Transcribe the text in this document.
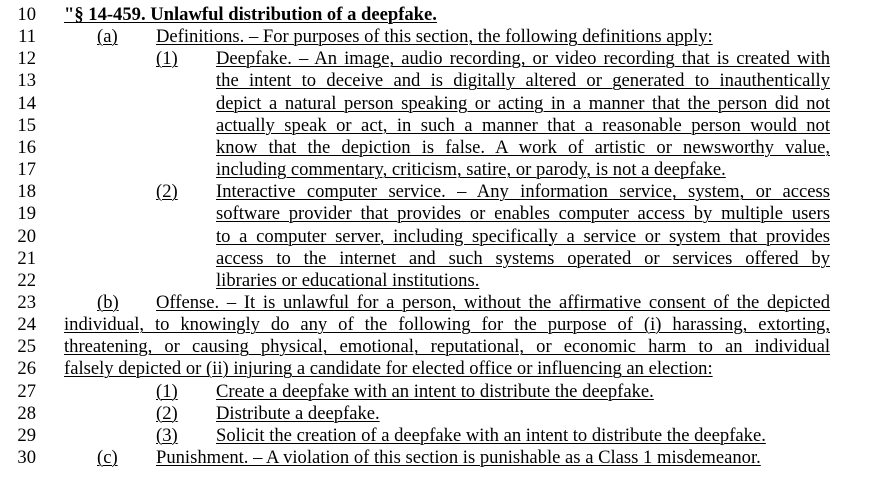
10 "§ 14-459. Unlawful distribution of a deepfake.
11	(a) Definitions. – For purposes of this section, the following definitions apply:
12	(1) Deepfake. – An image, audio recording, or video recording that is created with
13	the intent to deceive and is digitally altered or generated to inauthentically
14	depict a natural person speaking or acting in a manner that the person did not
15	actually speak or act, in such a manner that a reasonable person would not
16	know that the depiction is false. A work of artistic or newsworthy value,
17	including commentary, criticism, satire, or parody, is not a deepfake.
18	(2) Interactive computer service. – Any information service, system, or access
19	software provider that provides or enables computer access by multiple users
20	to a computer server, including specifically a service or system that provides
21	access to the internet and such systems operated or services offered by
22	libraries or educational institutions.
23	(b) Offense. – It is unlawful for a person, without the affirmative consent of the depicted
24 individual, to knowingly do any of the following for the purpose of (i) harassing, extorting,
25 threatening, or causing physical, emotional, reputational, or economic harm to an individual
26 falsely depicted or (ii) injuring a candidate for elected office or influencing an election:
27	(1) Create a deepfake with an intent to distribute the deepfake.
28	(2) Distribute a deepfake.
29	(3) Solicit the creation of a deepfake with an intent to distribute the deepfake.
30	(c) Punishment. – A violation of this section is punishable as a Class 1 misdemeanor.
